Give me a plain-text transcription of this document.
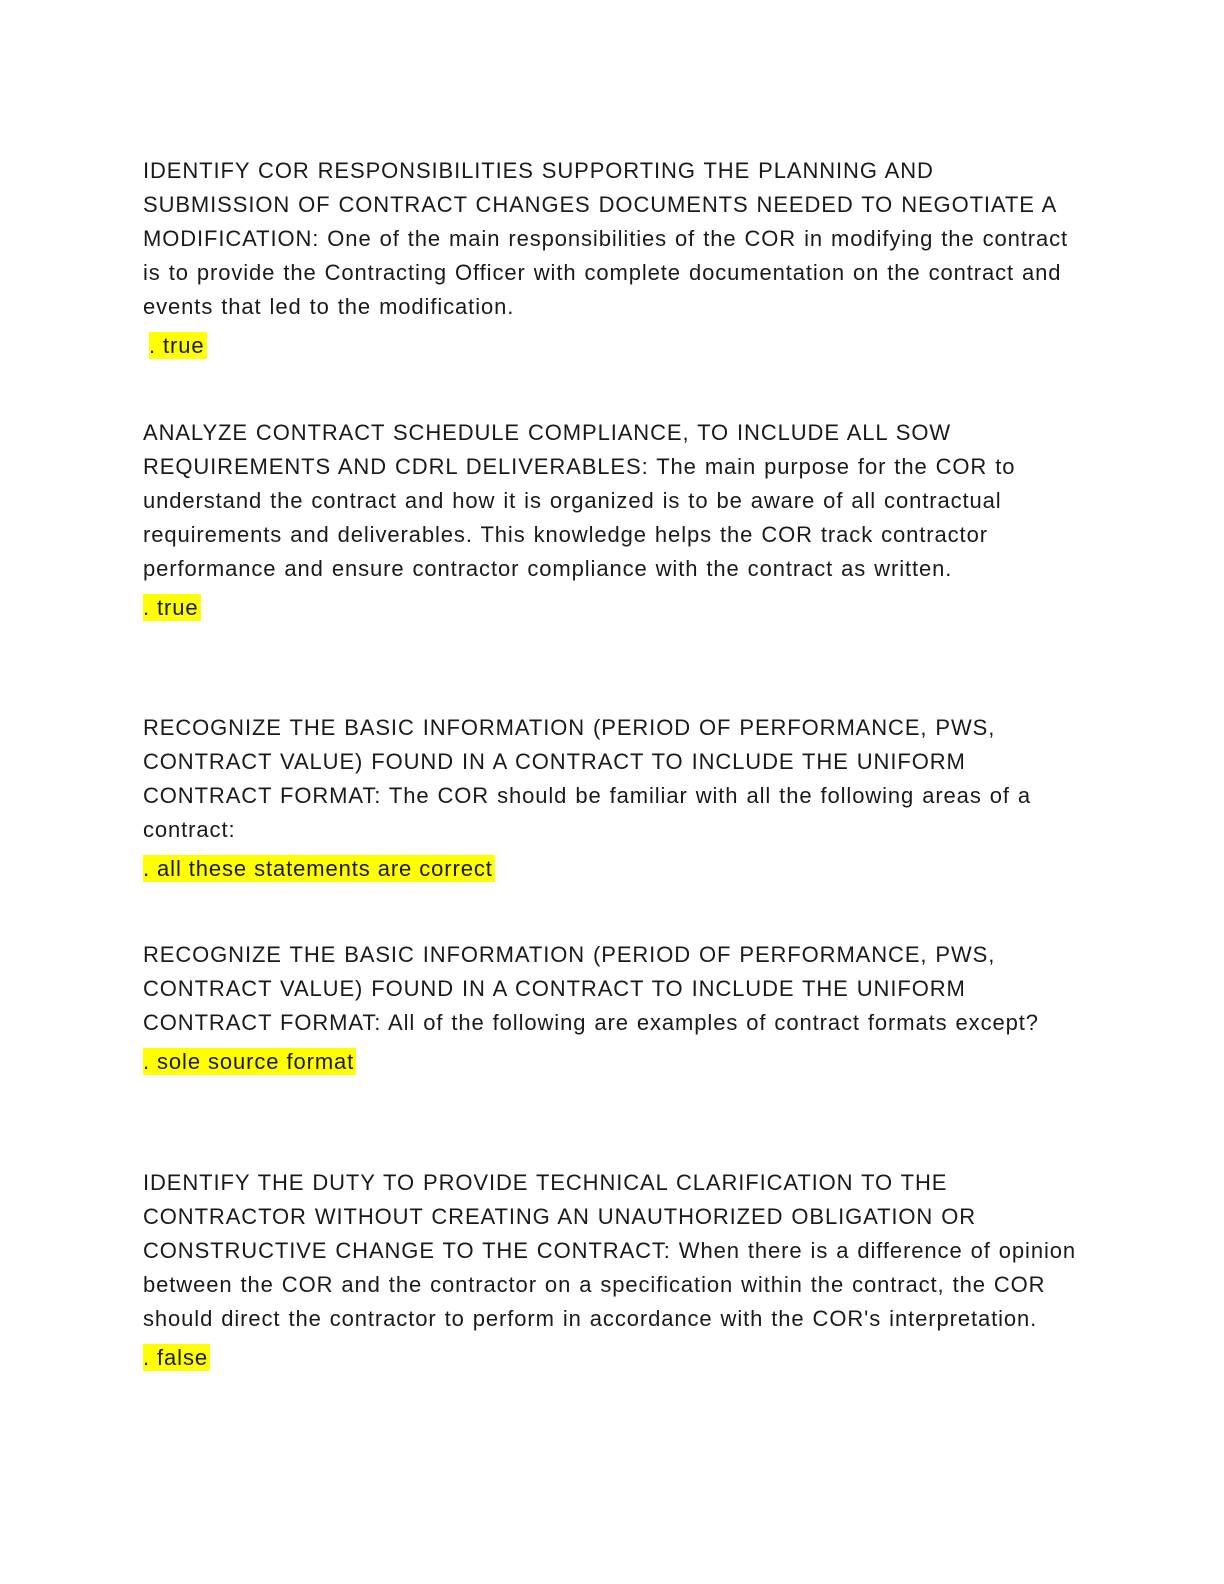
IDENTIFY COR RESPONSIBILITIES SUPPORTING THE PLANNING AND SUBMISSION OF CONTRACT CHANGES DOCUMENTS NEEDED TO NEGOTIATE A MODIFICATION: One of the main responsibilities of the COR in modifying the contract is to provide the Contracting Officer with complete documentation on the contract and events that led to the modification.

. true

ANALYZE CONTRACT SCHEDULE COMPLIANCE, TO INCLUDE ALL SOW REQUIREMENTS AND CDRL DELIVERABLES: The main purpose for the COR to understand the contract and how it is organized is to be aware of all contractual requirements and deliverables. This knowledge helps the COR track contractor performance and ensure contractor compliance with the contract as written.

. true

RECOGNIZE THE BASIC INFORMATION (PERIOD OF PERFORMANCE, PWS, CONTRACT VALUE) FOUND IN A CONTRACT TO INCLUDE THE UNIFORM CONTRACT FORMAT: The COR should be familiar with all the following areas of a contract:

. all these statements are correct

RECOGNIZE THE BASIC INFORMATION (PERIOD OF PERFORMANCE, PWS, CONTRACT VALUE) FOUND IN A CONTRACT TO INCLUDE THE UNIFORM CONTRACT FORMAT: All of the following are examples of contract formats except?

. sole source format

IDENTIFY THE DUTY TO PROVIDE TECHNICAL CLARIFICATION TO THE CONTRACTOR WITHOUT CREATING AN UNAUTHORIZED OBLIGATION OR CONSTRUCTIVE CHANGE TO THE CONTRACT: When there is a difference of opinion between the COR and the contractor on a specification within the contract, the COR should direct the contractor to perform in accordance with the COR's interpretation.

. false
